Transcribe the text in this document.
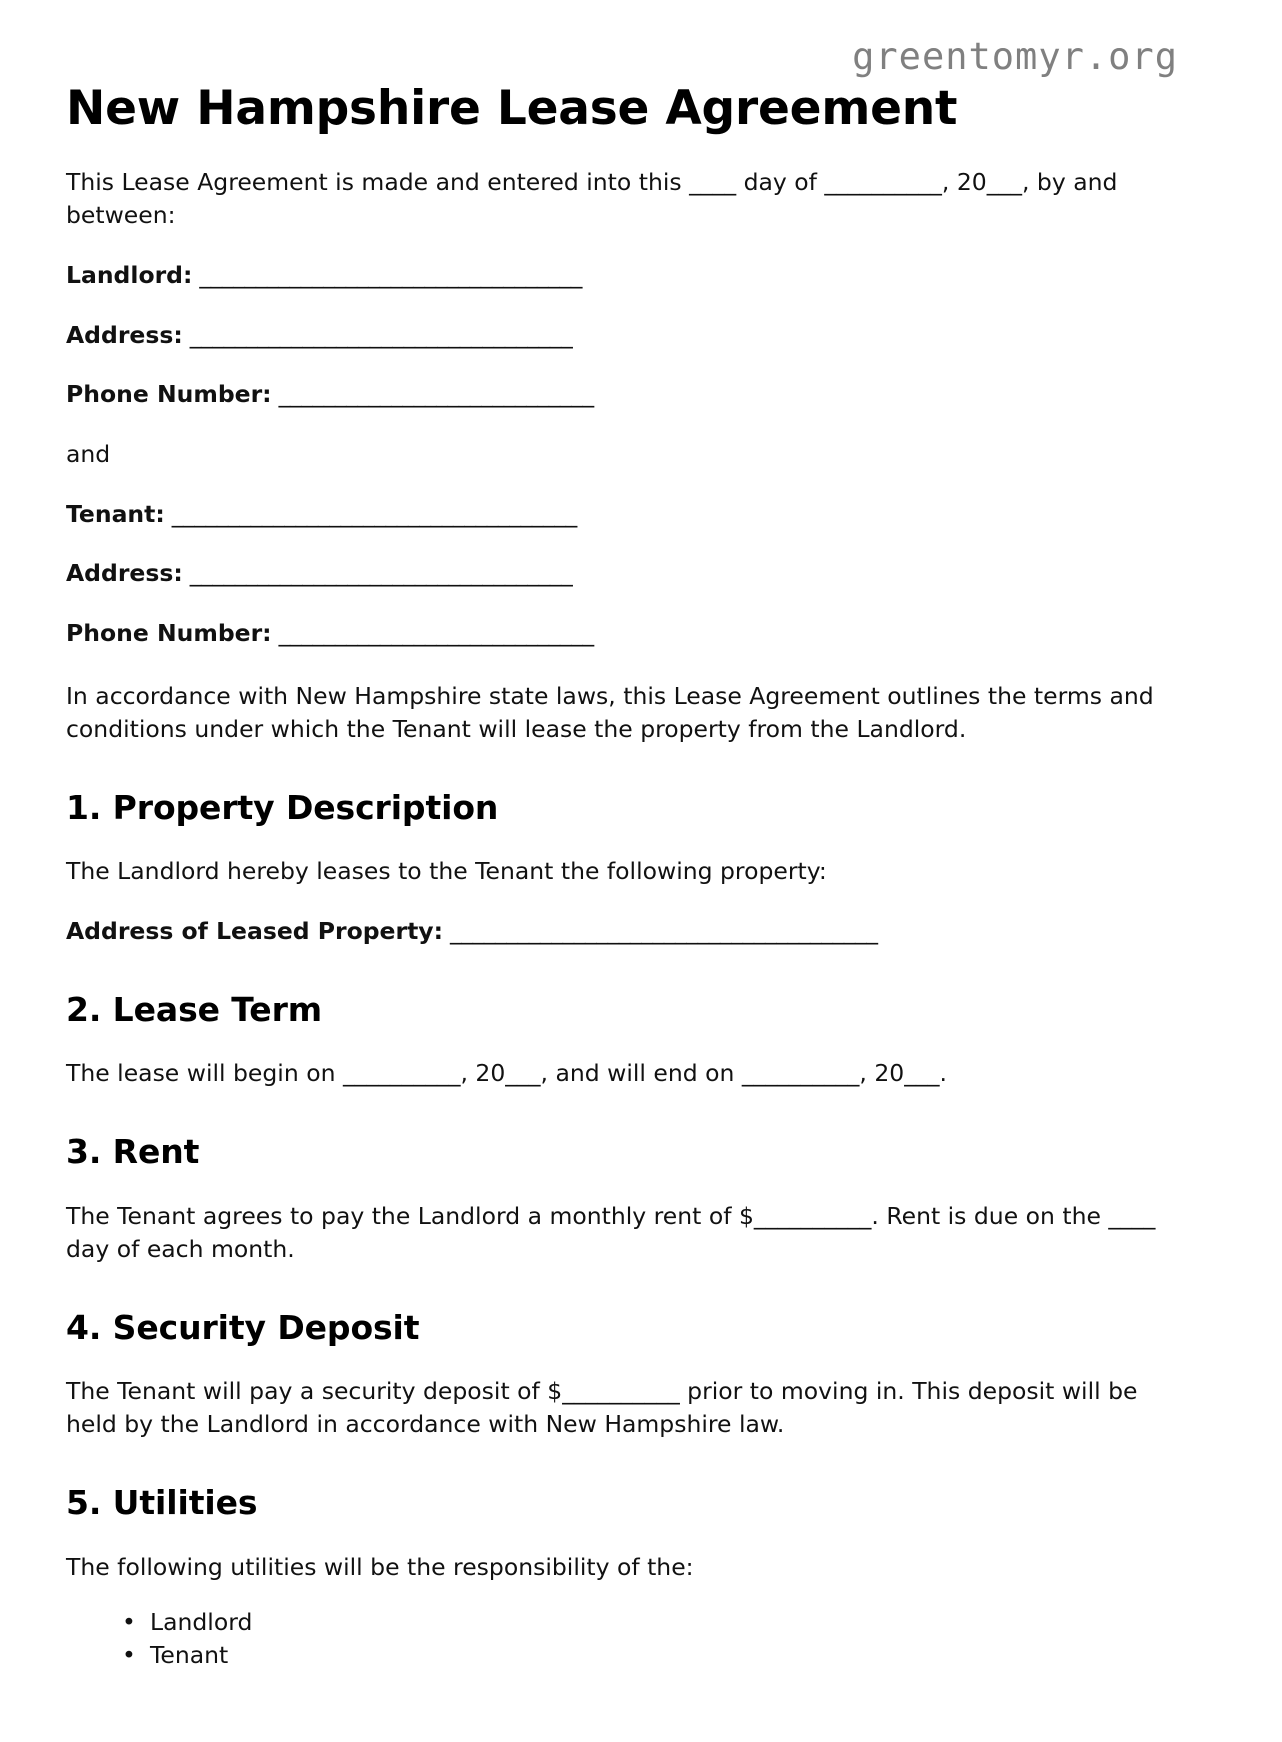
greentomyr.org
New Hampshire Lease Agreement

This Lease Agreement is made and entered into this ____ day of __________, 20___, by and between:

Landlord: __________________________________

Address: __________________________________

Phone Number: ____________________________

and

Tenant: ____________________________________

Address: __________________________________

Phone Number: ____________________________

In accordance with New Hampshire state laws, this Lease Agreement outlines the terms and conditions under which the Tenant will lease the property from the Landlord.

1. Property Description

The Landlord hereby leases to the Tenant the following property:

Address of Leased Property: ______________________________________

2. Lease Term

The lease will begin on __________, 20___, and will end on __________, 20___.

3. Rent

The Tenant agrees to pay the Landlord a monthly rent of $__________. Rent is due on the ____ day of each month.

4. Security Deposit

The Tenant will pay a security deposit of $__________ prior to moving in. This deposit will be held by the Landlord in accordance with New Hampshire law.

5. Utilities

The following utilities will be the responsibility of the:

• Landlord
• Tenant
